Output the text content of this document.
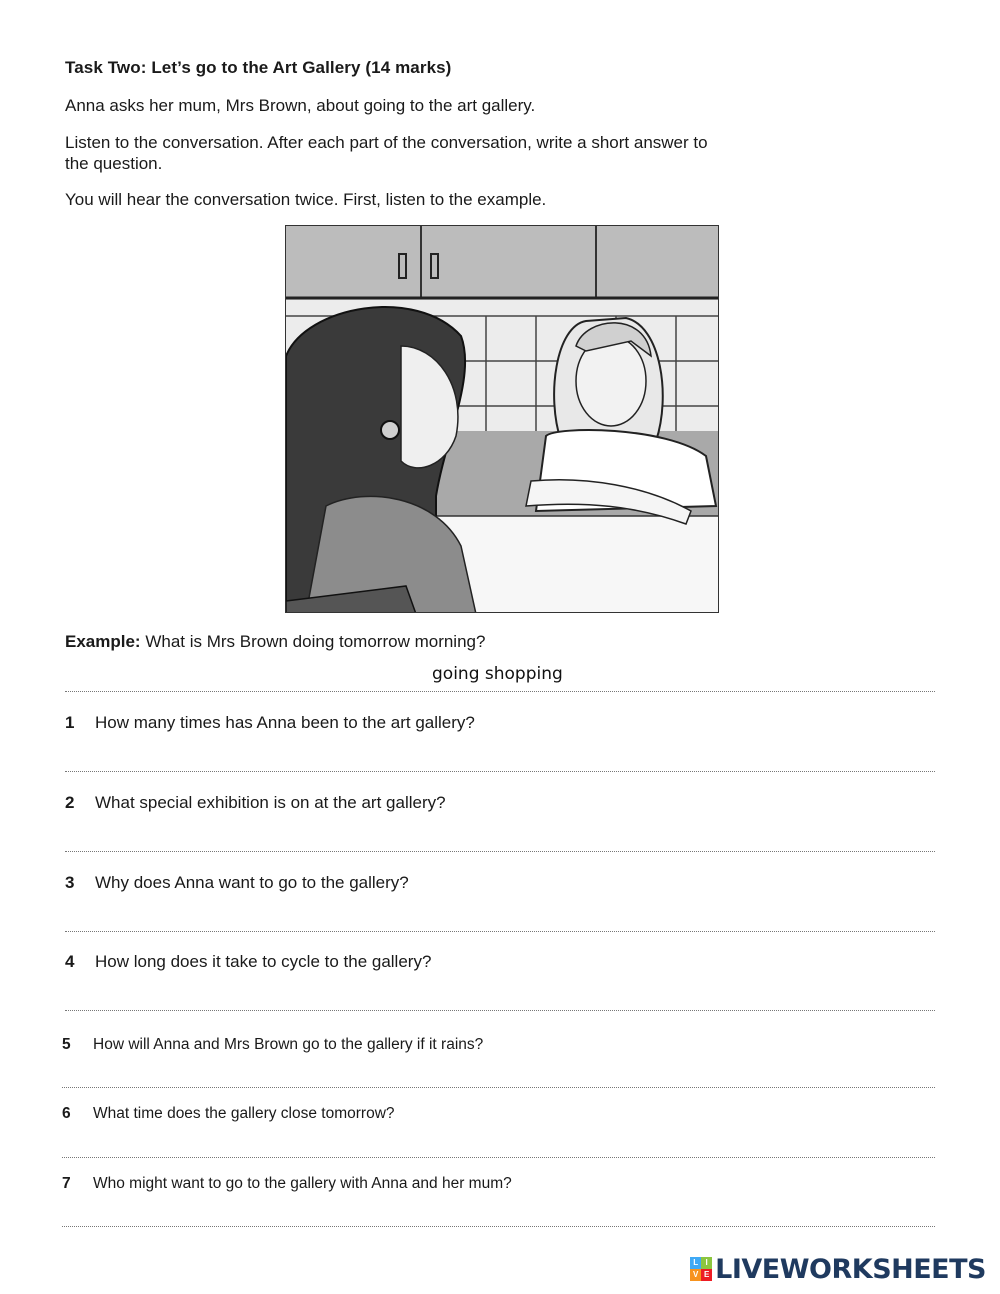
Task Two: Let’s go to the Art Gallery (14 marks)
Anna asks her mum, Mrs Brown, about going to the art gallery.
Listen to the conversation. After each part of the conversation, write a short answer to
the question.
You will hear the conversation twice. First, listen to the example.
Example: What is Mrs Brown doing tomorrow morning?
going shopping
1 How many times has Anna been to the art gallery?
2 What special exhibition is on at the art gallery?
3 Why does Anna want to go to the gallery?
4 How long does it take to cycle to the gallery?
5 How will Anna and Mrs Brown go to the gallery if it rains?
6 What time does the gallery close tomorrow?
7 Who might want to go to the gallery with Anna and her mum?
L I
V E LIVEWORKSHEETS
